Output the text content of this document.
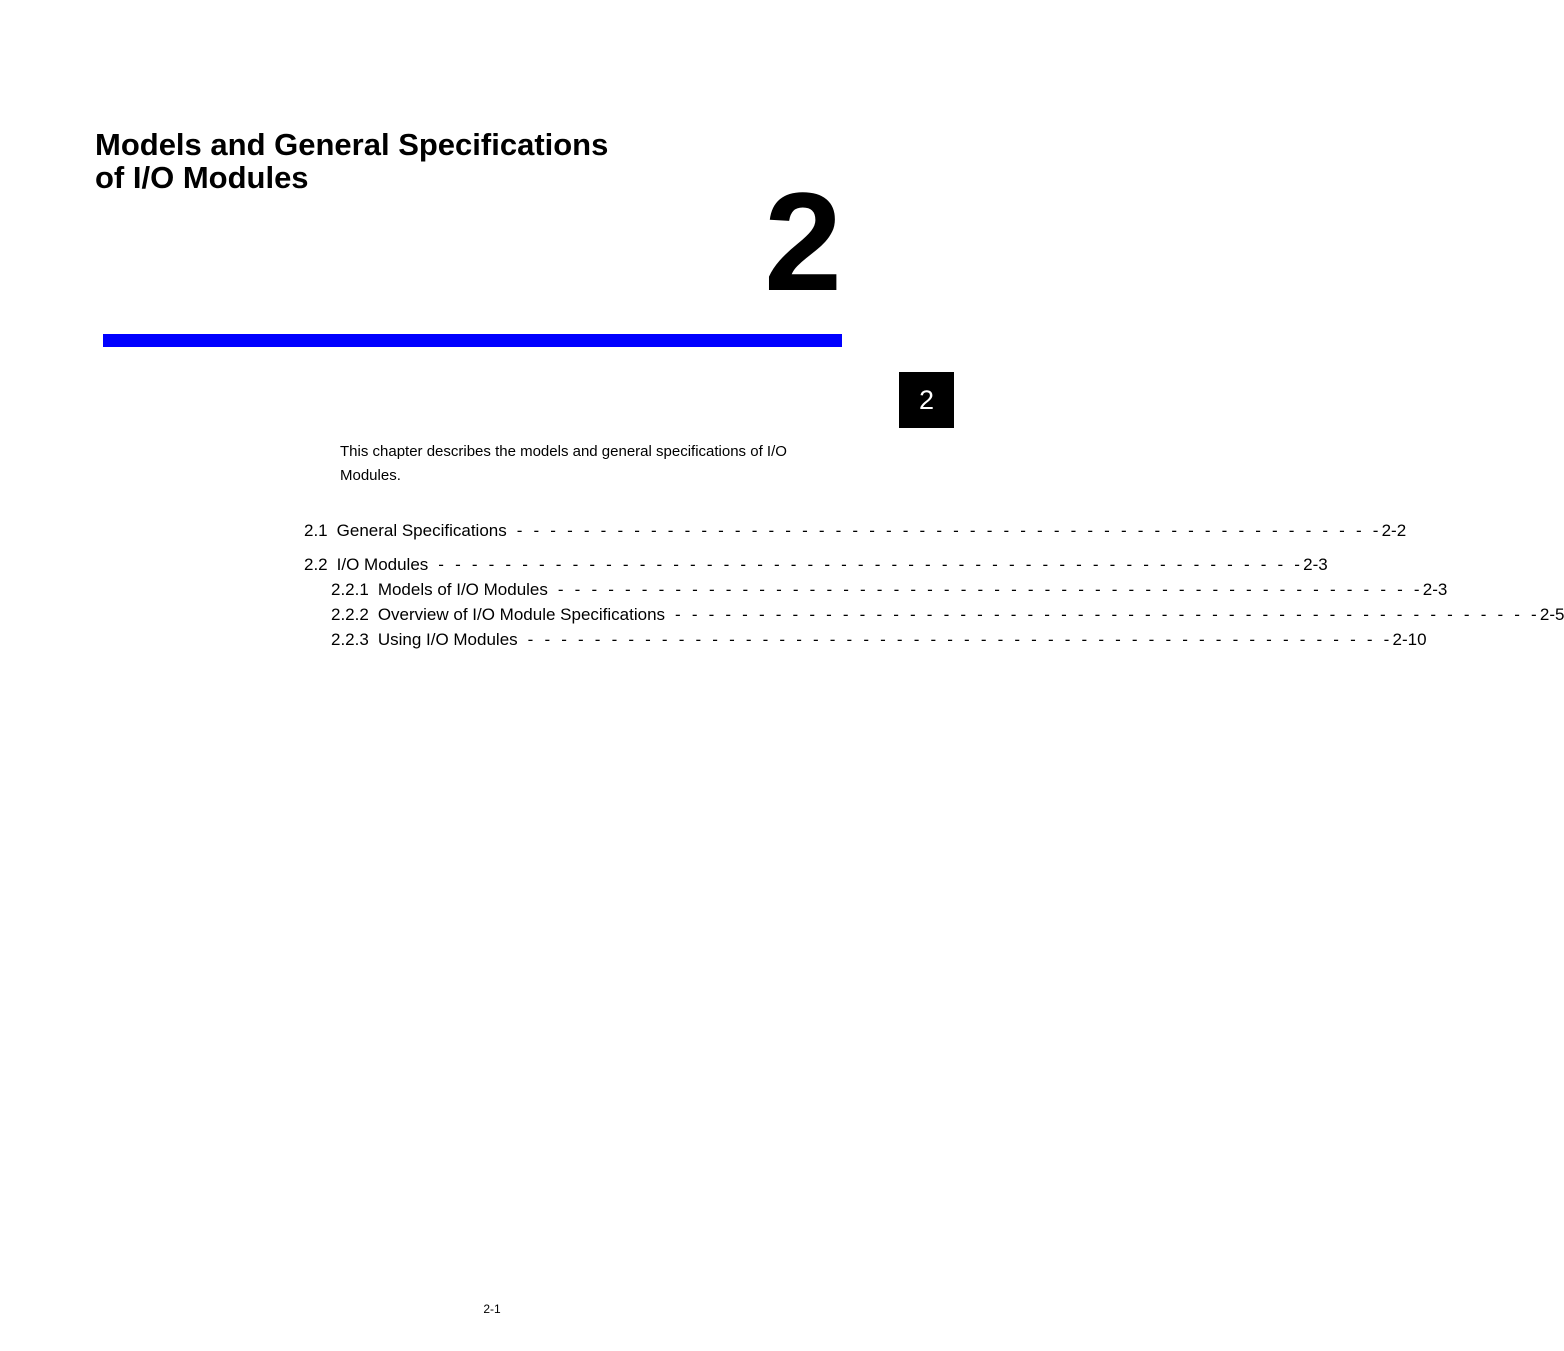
Models and General Specifications
of I/O Modules	2
2

This chapter describes the models and general specifications of I/O Modules.

2.1 General Specifications - - - - - - - - - - - - - - - - - - - - - - - - - - - - - - - - - - - - - - - - - - - - - - - - - - - - 2-2
2.2 I/O Modules - - - - - - - - - - - - - - - - - - - - - - - - - - - - - - - - - - - - - - - - - - - - - - - - - - - - 2-3
2.2.1 Models of I/O Modules - - - - - - - - - - - - - - - - - - - - - - - - - - - - - - - - - - - - - - - - - - - - - - - - - - - - 2-3
2.2.2 Overview of I/O Module Specifications - - - - - - - - - - - - - - - - - - - - - - - - - - - - - - - - - - - - - - - - - - - - - - - - - - - - 2-5
2.2.3 Using I/O Modules - - - - - - - - - - - - - - - - - - - - - - - - - - - - - - - - - - - - - - - - - - - - - - - - - - - - 2-10
2-1
